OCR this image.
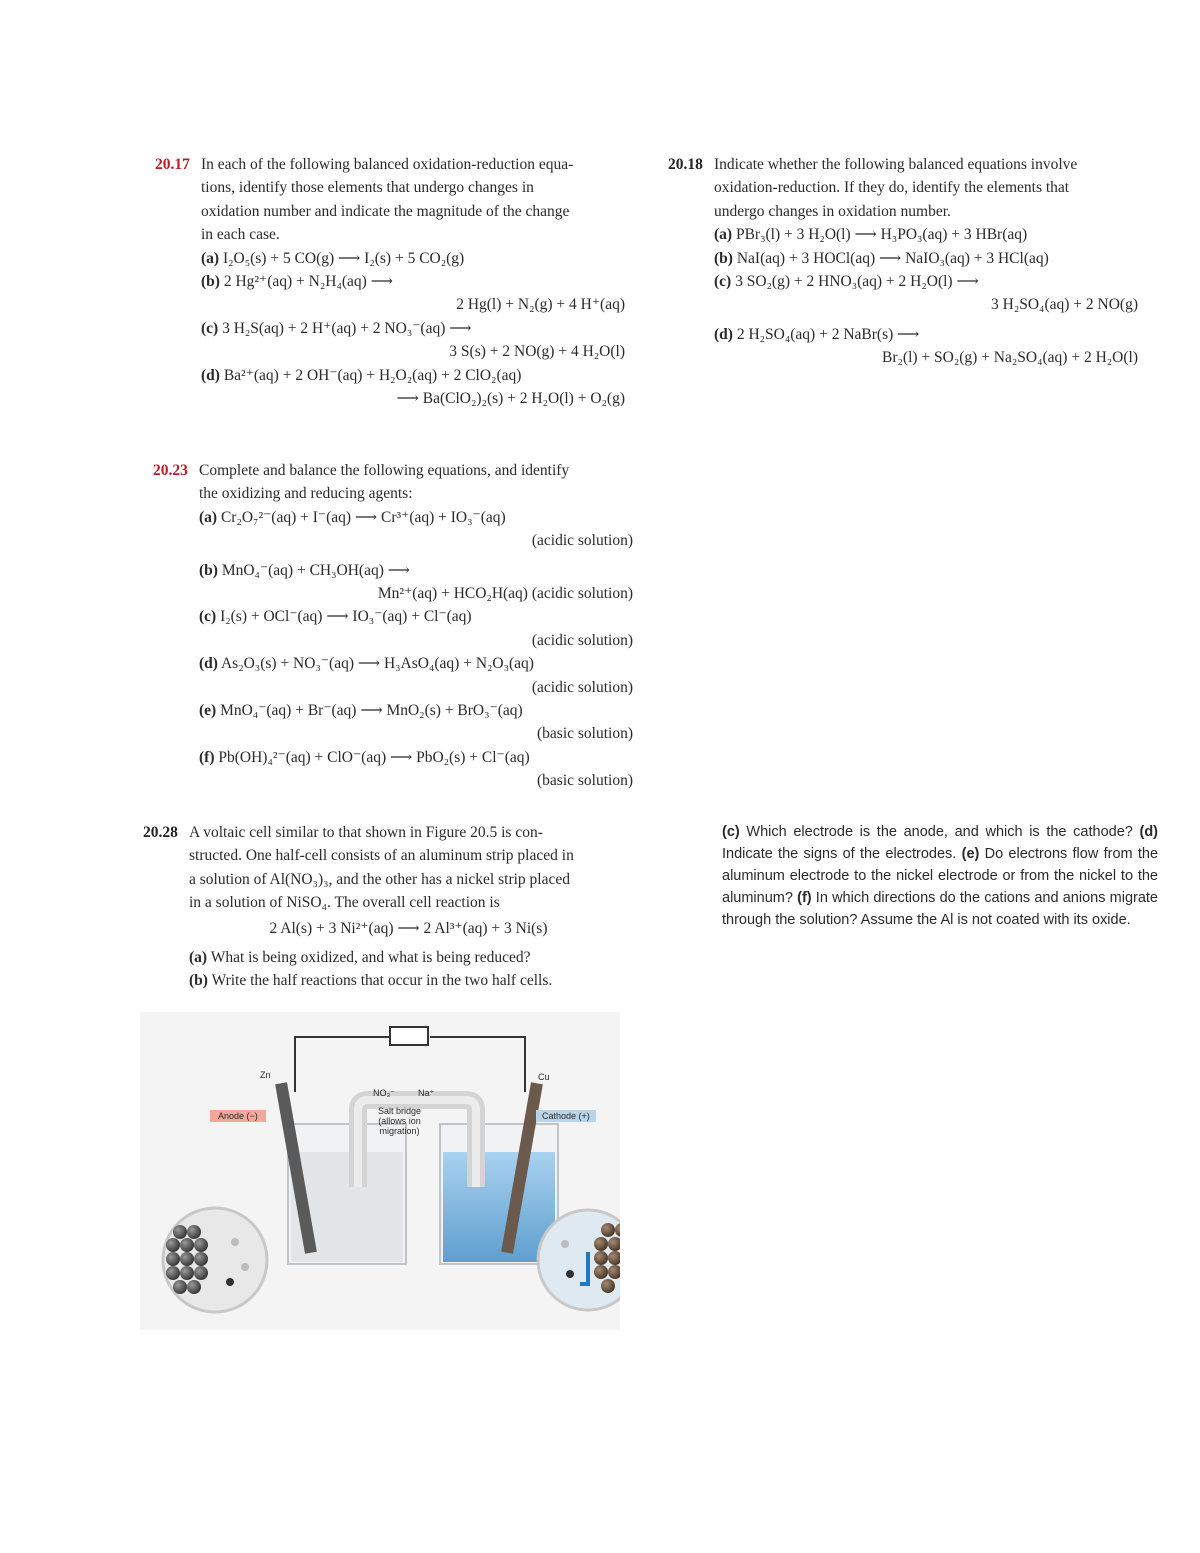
20.17 In each of the following balanced oxidation-reduction equa-
tions, identify those elements that undergo changes in
oxidation number and indicate the magnitude of the change
in each case.
(a) I₂O₅(s) + 5 CO(g) ⟶ I₂(s) + 5 CO₂(g)
(b) 2 Hg²⁺(aq) + N₂H₄(aq) ⟶
2 Hg(l) + N₂(g) + 4 H⁺(aq)
(c) 3 H₂S(aq) + 2 H⁺(aq) + 2 NO₃⁻(aq) ⟶
3 S(s) + 2 NO(g) + 4 H₂O(l)
(d) Ba²⁺(aq) + 2 OH⁻(aq) + H₂O₂(aq) + 2 ClO₂(aq)
⟶ Ba(ClO₂)₂(s) + 2 H₂O(l) + O₂(g)
20.18 Indicate whether the following balanced equations involve
oxidation-reduction. If they do, identify the elements that
undergo changes in oxidation number.
(a) PBr₃(l) + 3 H₂O(l) ⟶ H₃PO₃(aq) + 3 HBr(aq)
(b) NaI(aq) + 3 HOCl(aq) ⟶ NaIO₃(aq) + 3 HCl(aq)
(c) 3 SO₂(g) + 2 HNO₃(aq) + 2 H₂O(l) ⟶
3 H₂SO₄(aq) + 2 NO(g)
(d) 2 H₂SO₄(aq) + 2 NaBr(s) ⟶
Br₂(l) + SO₂(g) + Na₂SO₄(aq) + 2 H₂O(l)
20.23 Complete and balance the following equations, and identify
the oxidizing and reducing agents:
(a) Cr₂O₇²⁻(aq) + I⁻(aq) ⟶ Cr³⁺(aq) + IO₃⁻(aq)
(acidic solution)
(b) MnO₄⁻(aq) + CH₃OH(aq) ⟶
Mn²⁺(aq) + HCO₂H(aq) (acidic solution)
(c) I₂(s) + OCl⁻(aq) ⟶ IO₃⁻(aq) + Cl⁻(aq)
(acidic solution)
(d) As₂O₃(s) + NO₃⁻(aq) ⟶ H₃AsO₄(aq) + N₂O₃(aq)
(acidic solution)
(e) MnO₄⁻(aq) + Br⁻(aq) ⟶ MnO₂(s) + BrO₃⁻(aq)
(basic solution)
(f) Pb(OH)₄²⁻(aq) + ClO⁻(aq) ⟶ PbO₂(s) + Cl⁻(aq)
(basic solution)
20.28 A voltaic cell similar to that shown in Figure 20.5 is con-
structed. One half-cell consists of an aluminum strip placed in
a solution of Al(NO₃)₃, and the other has a nickel strip placed
in a solution of NiSO₄. The overall cell reaction is
2 Al(s) + 3 Ni²⁺(aq) ⟶ 2 Al³⁺(aq) + 3 Ni(s)
(a) What is being oxidized, and what is being reduced?
(b) Write the half reactions that occur in the two half cells.
(c) Which electrode is the anode, and which is the cathode? (d) Indicate the signs of the electrodes. (e) Do electrons flow from the aluminum electrode to the nickel electrode or from the nickel to the aluminum? (f) In which directions do the cations and anions migrate through the solution? Assume the Al is not coated with its oxide.
Zn	Cu
Anode (−)	Cathode (+)
NO₃⁻	Na⁺
Salt bridge
(allows ion
migration)
